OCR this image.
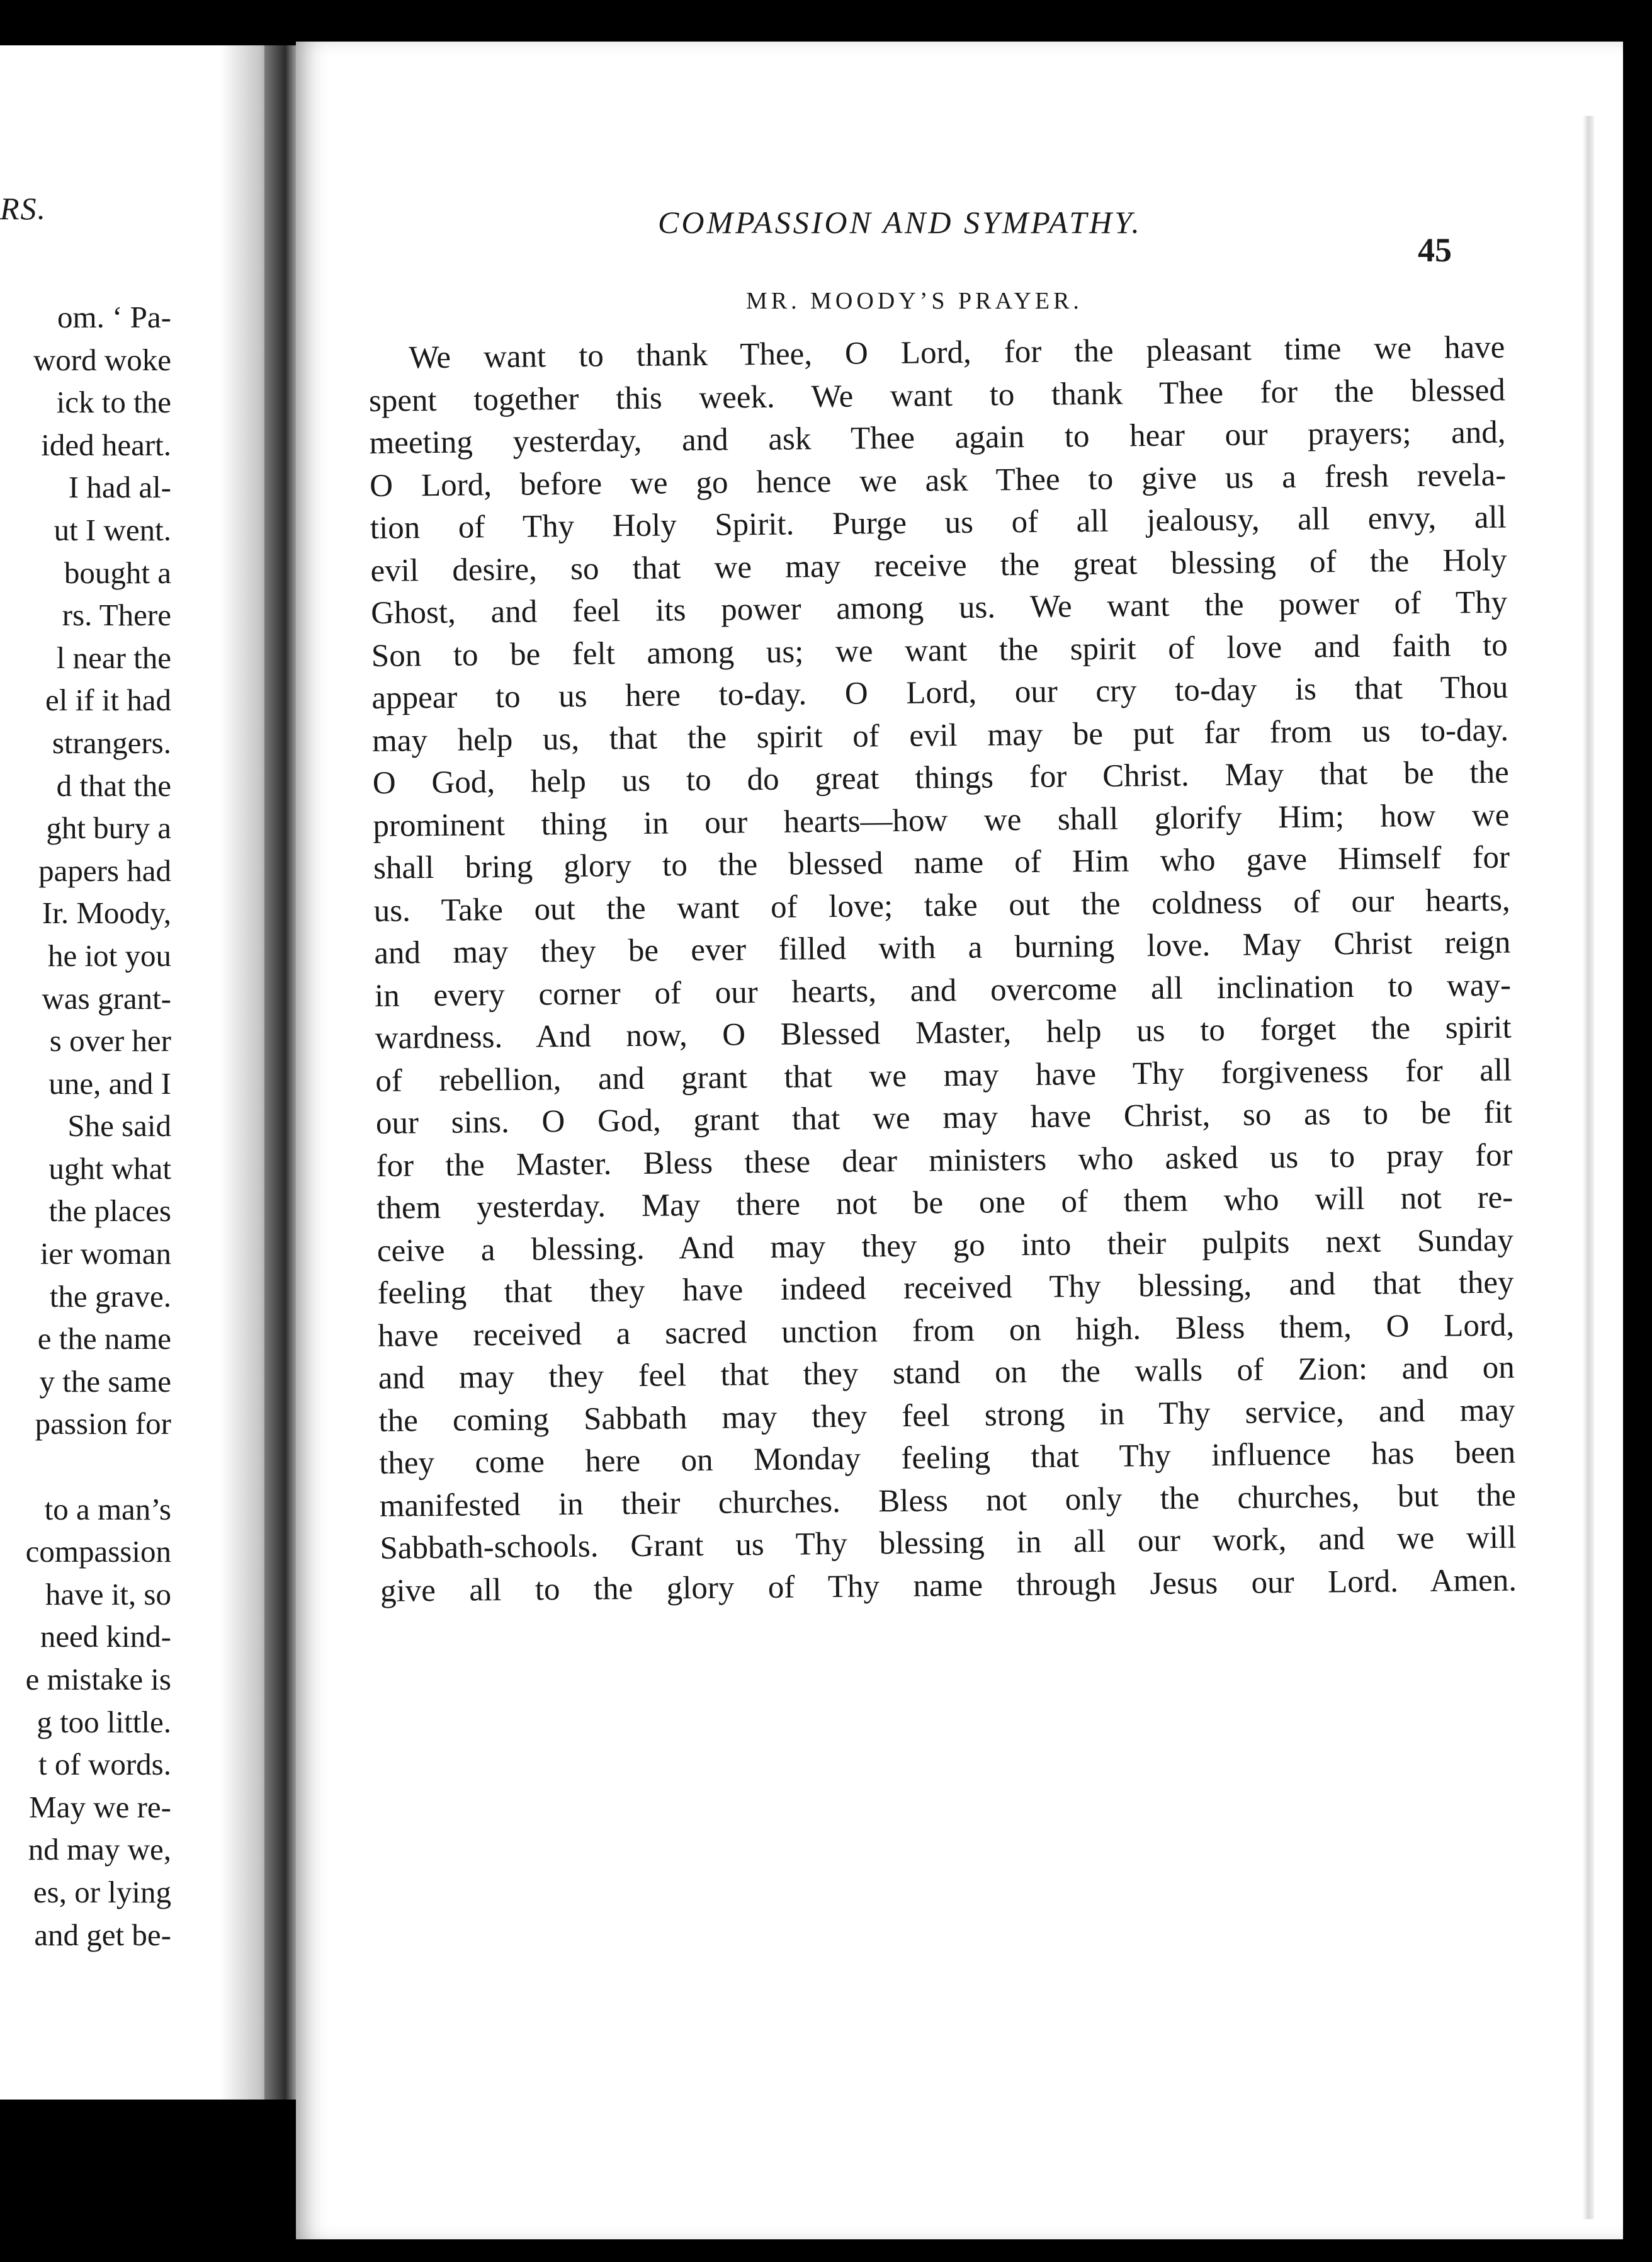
RS.
om. ‘ Pa-
word woke
ick to the
ided heart.
I had al-
ut I went.
bought a
rs. There
l near the
el if it had
strangers.
d that the
ght bury a
papers had
Ir. Moody,
he iot you
was grant-
s over her
une, and I
She said
ught what
the places
ier woman
the grave.
e the name
y the same
passion for

to a man’s
compassion
have it, so
need kind-
e mistake is
g too little.
t of words.
May we re-
nd may we,
es, or lying
and get be-
COMPASSION AND SYMPATHY.
45
MR. MOODY’S PRAYER.
We want to thank Thee, O Lord, for the pleasant time we have
spent together this week. We want to thank Thee for the blessed
meeting yesterday, and ask Thee again to hear our prayers; and,
O Lord, before we go hence we ask Thee to give us a fresh revela-
tion of Thy Holy Spirit. Purge us of all jealousy, all envy, all
evil desire, so that we may receive the great blessing of the Holy
Ghost, and feel its power among us. We want the power of Thy
Son to be felt among us; we want the spirit of love and faith to
appear to us here to-day. O Lord, our cry to-day is that Thou
may help us, that the spirit of evil may be put far from us to-day.
O God, help us to do great things for Christ. May that be the
prominent thing in our hearts—how we shall glorify Him; how we
shall bring glory to the blessed name of Him who gave Himself for
us. Take out the want of love; take out the coldness of our hearts,
and may they be ever filled with a burning love. May Christ reign
in every corner of our hearts, and overcome all inclination to way-
wardness. And now, O Blessed Master, help us to forget the spirit
of rebellion, and grant that we may have Thy forgiveness for all
our sins. O God, grant that we may have Christ, so as to be fit
for the Master. Bless these dear ministers who asked us to pray for
them yesterday. May there not be one of them who will not re-
ceive a blessing. And may they go into their pulpits next Sunday
feeling that they have indeed received Thy blessing, and that they
have received a sacred unction from on high. Bless them, O Lord,
and may they feel that they stand on the walls of Zion: and on
the coming Sabbath may they feel strong in Thy service, and may
they come here on Monday feeling that Thy influence has been
manifested in their churches. Bless not only the churches, but the
Sabbath-schools. Grant us Thy blessing in all our work, and we will
give all to the glory of Thy name through Jesus our Lord. Amen.
